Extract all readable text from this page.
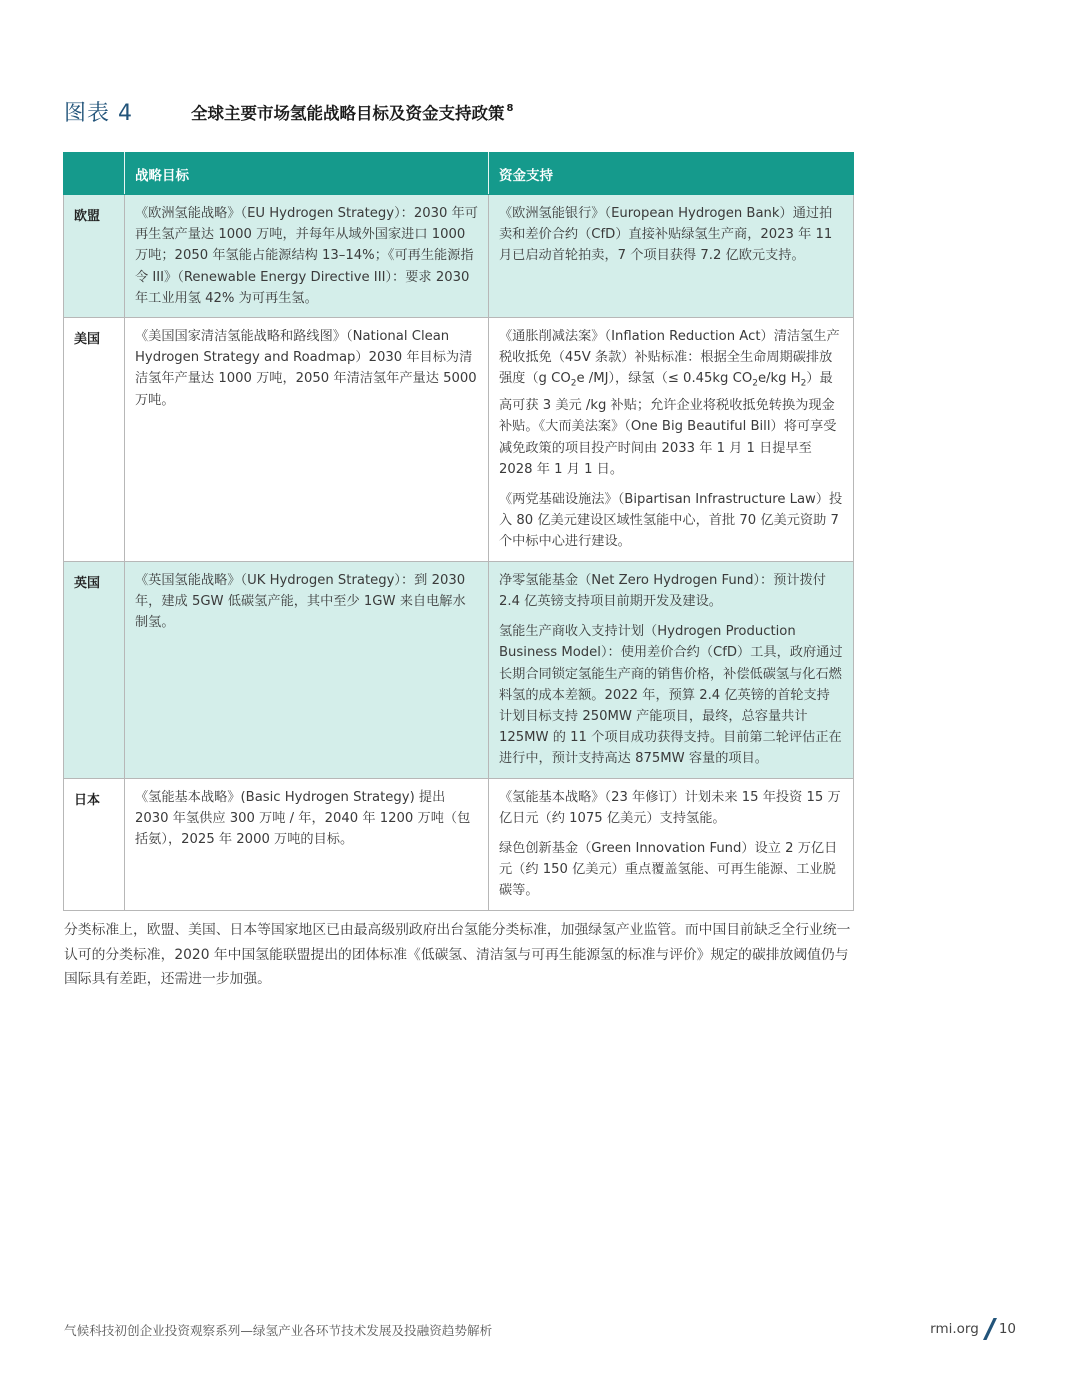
图表 4	全球主要市场氢能战略目标及资金支持政策 $^8$
	战略目标	资金支持
欧盟	《欧洲氢能战略》（EU Hydrogen Strategy）：2030 年可再生氢产量达 1000 万吨，并每年从域外国家进口 1000 万吨；2050 年氢能占能源结构 13–14%；《可再生能源指令 III》（Renewable Energy Directive III）：要求 2030 年工业用氢 42% 为可再生氢。	《欧洲氢能银行》（European Hydrogen Bank）通过拍卖和差价合约（CfD）直接补贴绿氢生产商，2023 年 11 月已启动首轮拍卖，7 个项目获得 7.2 亿欧元支持。

美国	《美国国家清洁氢能战略和路线图》（National Clean Hydrogen Strategy and Roadmap）2030 年目标为清洁氢年产量达 1000 万吨，2050 年清洁氢年产量达 5000 万吨。	《通胀削减法案》（Inflation Reduction Act）清洁氢生产税收抵免（45V 条款）补贴标准：根据全生命周期碳排放强度（g $CO_2e$ /MJ），绿氢（≤ 0.45kg $CO_2e/kg$ $H_2$）最高可获 3 美元 /kg 补贴；允许企业将税收抵免转换为现金补贴。《大而美法案》（One Big Beautiful Bill）将可享受减免政策的项目投产时间由 2033 年 1 月 1 日提早至 2028 年 1 月 1 日。

《两党基础设施法》（Bipartisan Infrastructure Law）投入 80 亿美元建设区域性氢能中心，首批 70 亿美元资助 7 个中标中心进行建设。

英国	《英国氢能战略》（UK Hydrogen Strategy）：到 2030 年，建成 5GW 低碳氢产能，其中至少 1GW 来自电解水制氢。	净零氢能基金（Net Zero Hydrogen Fund）：预计拨付 2.4 亿英镑支持项目前期开发及建设。

氢能生产商收入支持计划（Hydrogen Production Business Model）：使用差价合约（CfD）工具，政府通过长期合同锁定氢能生产商的销售价格，补偿低碳氢与化石燃料氢的成本差额。2022 年，预算 2.4 亿英镑的首轮支持计划目标支持 250MW 产能项目，最终，总容量共计 125MW 的 11 个项目成功获得支持。目前第二轮评估正在进行中，预计支持高达 875MW 容量的项目。

日本	《氢能基本战略》(Basic Hydrogen Strategy) 提出 2030 年氢供应 300 万吨 / 年，2040 年 1200 万吨（包括氨），2025 年 2000 万吨的目标。	《氢能基本战略》（23 年修订）计划未来 15 年投资 15 万亿日元（约 1075 亿美元）支持氢能。

绿色创新基金（Green Innovation Fund）设立 2 万亿日元（约 150 亿美元）重点覆盖氢能、可再生能源、工业脱碳等。

分类标准上，欧盟、美国、日本等国家地区已由最高级别政府出台氢能分类标准，加强绿氢产业监管。而中国目前缺乏全行业统一认可的分类标准，2020 年中国氢能联盟提出的团体标准《低碳氢、清洁氢与可再生能源氢的标准与评价》规定的碳排放阈值仍与国际具有差距，还需进一步加强。
气候科技初创企业投资观察系列—绿氢产业各环节技术发展及投融资趋势解析	rmi.org 10
